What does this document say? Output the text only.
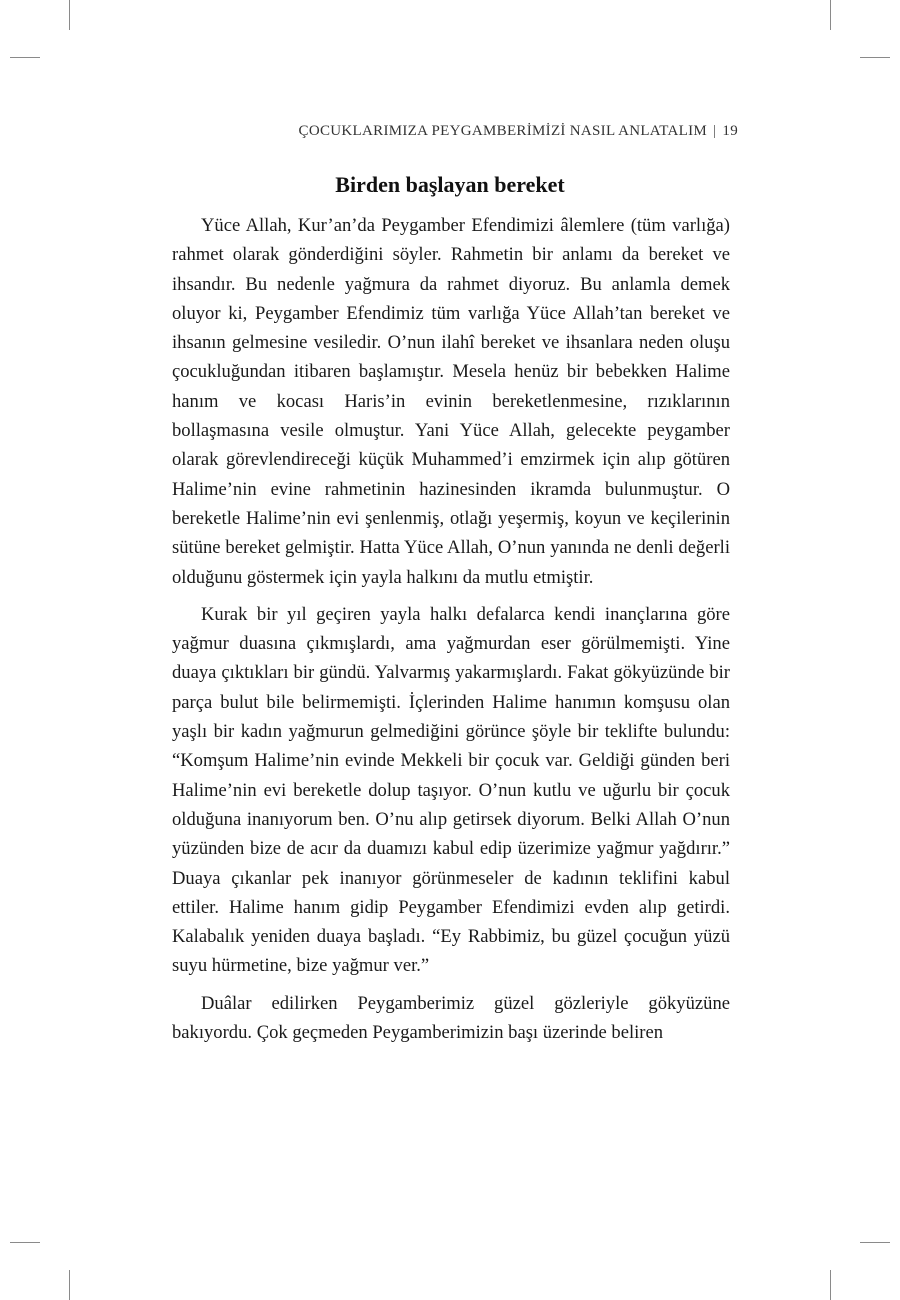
ÇOCUKLARIMIZA PEYGAMBERİMİZİ NASIL ANLATALIM | 19
Birden başlayan bereket

Yüce Allah, Kur’an’da Peygamber Efendimizi âlemlere (tüm varlığa) rahmet olarak gönderdiğini söyler. Rahmetin bir anlamı da bereket ve ihsandır. Bu nedenle yağmura da rahmet diyoruz. Bu anlamla demek oluyor ki, Peygamber Efendimiz tüm varlığa Yüce Allah’tan bereket ve ihsanın gelmesine vesiledir. O’nun ilahî bereket ve ihsanlara neden oluşu çocukluğundan itibaren başlamıştır. Mesela henüz bir bebekken Halime hanım ve kocası Haris’in evinin bereketlenmesine, rızıklarının bollaşmasına vesile olmuştur. Yani Yüce Allah, gelecekte peygamber olarak görevlendireceği küçük Muhammed’i emzirmek için alıp götüren Halime’nin evine rahmetinin hazinesinden ikramda bulunmuştur. O bereketle Halime’nin evi şenlenmiş, otlağı yeşermiş, koyun ve keçilerinin sütüne bereket gelmiştir. Hatta Yüce Allah, O’nun yanında ne denli değerli olduğunu göstermek için yayla halkını da mutlu etmiştir.

Kurak bir yıl geçiren yayla halkı defalarca kendi inançlarına göre yağmur duasına çıkmışlardı, ama yağmurdan eser görülmemişti. Yine duaya çıktıkları bir gündü. Yalvarmış yakarmışlardı. Fakat gökyüzünde bir parça bulut bile belirmemişti. İçlerinden Halime hanımın komşusu olan yaşlı bir kadın yağmurun gelmediğini görünce şöyle bir teklifte bulundu: “Komşum Halime’nin evinde Mekkeli bir çocuk var. Geldiği günden beri Halime’nin evi bereketle dolup taşıyor. O’nun kutlu ve uğurlu bir çocuk olduğuna inanıyorum ben. O’nu alıp getirsek diyorum. Belki Allah O’nun yüzünden bize de acır da duamızı kabul edip üzerimize yağmur yağdırır.” Duaya çıkanlar pek inanıyor görünmeseler de kadının teklifini kabul ettiler. Halime hanım gidip Peygamber Efendimizi evden alıp getirdi. Kalabalık yeniden duaya başladı. “Ey Rabbimiz, bu güzel çocuğun yüzü suyu hürmetine, bize yağmur ver.”

Duâlar edilirken Peygamberimiz güzel gözleriyle gökyüzüne bakıyordu. Çok geçmeden Peygamberimizin başı üzerinde beliren
